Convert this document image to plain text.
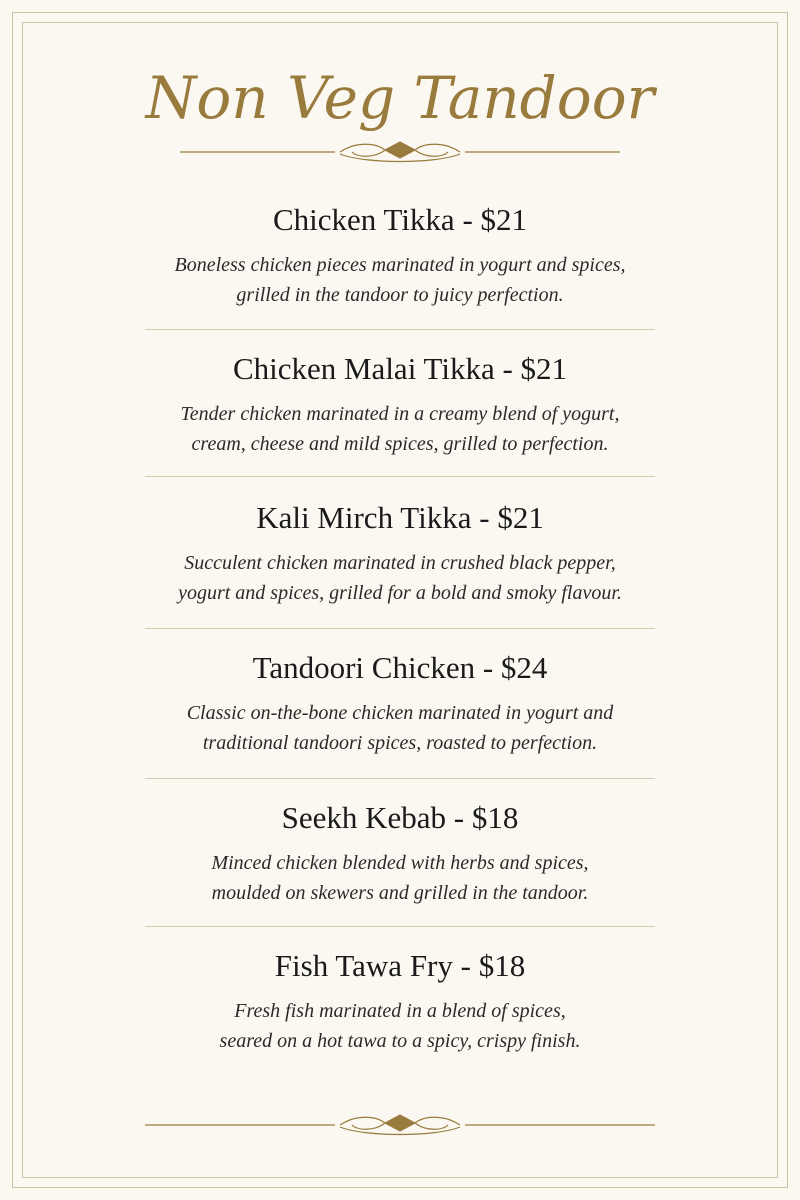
Non Veg Tandoor
Chicken Tikka - $21
Boneless chicken pieces marinated in yogurt and spices,
grilled in the tandoor to juicy perfection.
Chicken Malai Tikka - $21
Tender chicken marinated in a creamy blend of yogurt,
cream, cheese and mild spices, grilled to perfection.
Kali Mirch Tikka - $21
Succulent chicken marinated in crushed black pepper,
yogurt and spices, grilled for a bold and smoky flavour.
Tandoori Chicken - $24
Classic on-the-bone chicken marinated in yogurt and
traditional tandoori spices, roasted to perfection.
Seekh Kebab - $18
Minced chicken blended with herbs and spices,
moulded on skewers and grilled in the tandoor.
Fish Tawa Fry - $18
Fresh fish marinated in a blend of spices,
seared on a hot tawa to a spicy, crispy finish.
